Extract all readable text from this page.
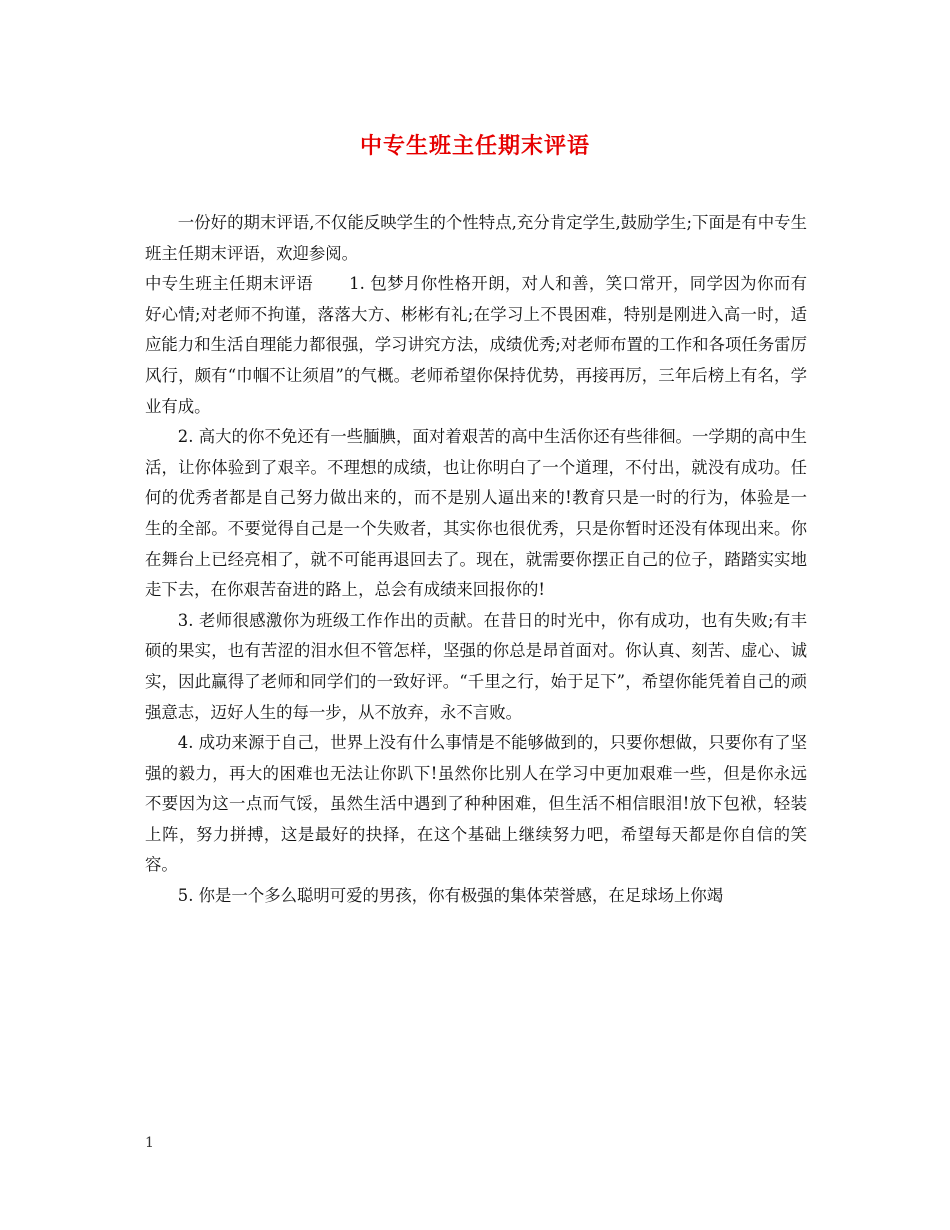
中专生班主任期末评语

一份好的期末评语,不仅能反映学生的个性特点,充分肯定学生,鼓励学生;下面是有中专生班主任期末评语，欢迎参阅。

中专生班主任期末评语 1. 包梦月你性格开朗，对人和善，笑口常开，同学因为你而有好心情;对老师不拘谨，落落大方、彬彬有礼;在学习上不畏困难，特别是刚进入高一时，适应能力和生活自理能力都很强，学习讲究方法，成绩优秀;对老师布置的工作和各项任务雷厉风行，颇有“巾帼不让须眉”的气概。老师希望你保持优势，再接再厉，三年后榜上有名，学业有成。

2. 高大的你不免还有一些腼腆，面对着艰苦的高中生活你还有些徘徊。一学期的高中生活，让你体验到了艰辛。不理想的成绩，也让你明白了一个道理，不付出，就没有成功。任何的优秀者都是自己努力做出来的，而不是别人逼出来的!教育只是一时的行为，体验是一生的全部。不要觉得自己是一个失败者，其实你也很优秀，只是你暂时还没有体现出来。你在舞台上已经亮相了，就不可能再退回去了。现在，就需要你摆正自己的位子，踏踏实实地走下去，在你艰苦奋进的路上，总会有成绩来回报你的!

3. 老师很感激你为班级工作作出的贡献。在昔日的时光中，你有成功，也有失败;有丰硕的果实，也有苦涩的泪水但不管怎样，坚强的你总是昂首面对。你认真、刻苦、虚心、诚实，因此赢得了老师和同学们的一致好评。“千里之行，始于足下”，希望你能凭着自己的顽强意志，迈好人生的每一步，从不放弃，永不言败。

4. 成功来源于自己，世界上没有什么事情是不能够做到的，只要你想做，只要你有了坚强的毅力，再大的困难也无法让你趴下!虽然你比别人在学习中更加艰难一些，但是你永远不要因为这一点而气馁，虽然生活中遇到了种种困难，但生活不相信眼泪!放下包袱，轻装上阵，努力拼搏，这是最好的抉择，在这个基础上继续努力吧，希望每天都是你自信的笑容。

5. 你是一个多么聪明可爱的男孩，你有极强的集体荣誉感，在足球场上你竭

1
